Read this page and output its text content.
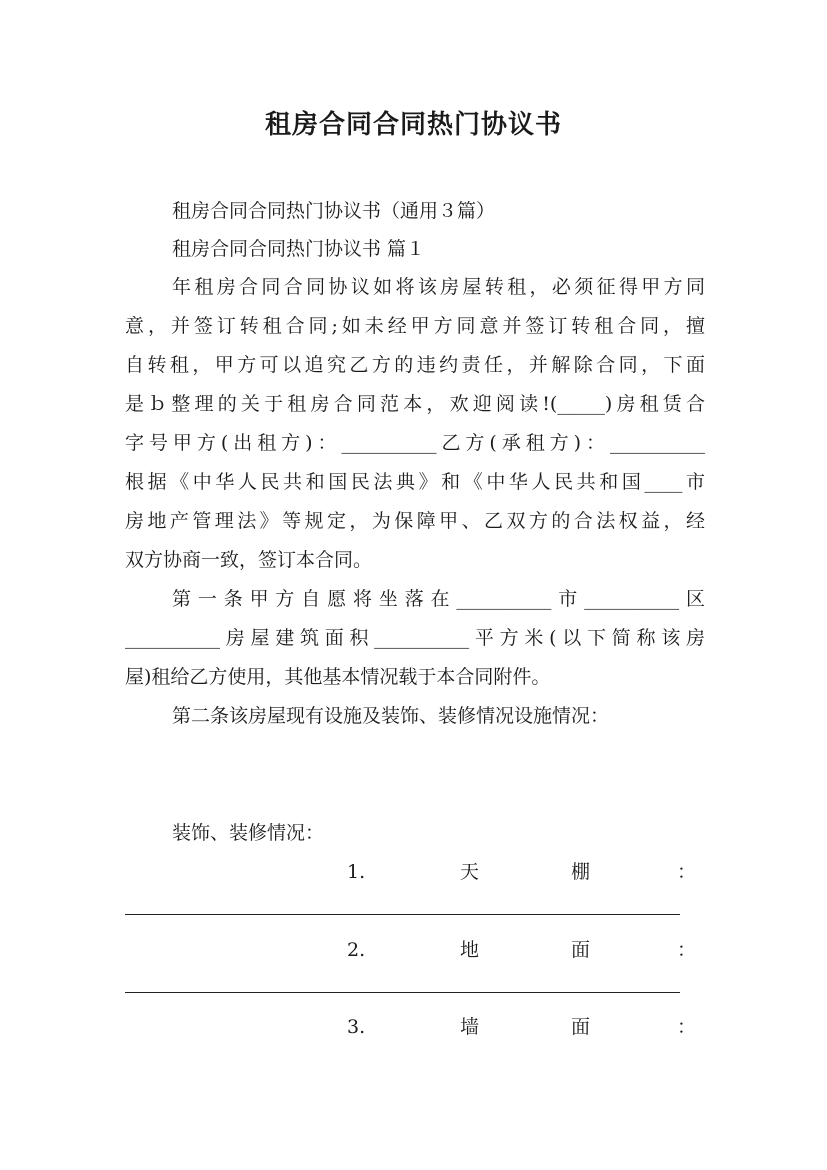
租房合同合同热门协议书
租房合同合同热门协议书（通用３篇）
租房合同合同热门协议书 篇１
年租房合同合同协议如将该房屋转租，必须征得甲方同
意，并签订转租合同;如未经甲方同意并签订转租合同，擅
自转租，甲方可以追究乙方的违约责任，并解除合同，下面
是ｂ整理的关于租房合同范本，欢迎阅读!(_____)房租赁合
字号甲方(出租方)：__________乙方(承租方)：__________
根据《中华人民共和国民法典》和《中华人民共和国____市
房地产管理法》等规定，为保障甲、乙双方的合法权益，经
双方协商一致，签订本合同。
第一条甲方自愿将坐落在__________市__________区
__________房屋建筑面积__________平方米(以下简称该房
屋)租给乙方使用，其他基本情况载于本合同附件。
第二条该房屋现有设施及装饰、装修情况设施情况：
装饰、装修情况：
1.	天	棚	：
2.	地	面	：
3.	墙	面	：
